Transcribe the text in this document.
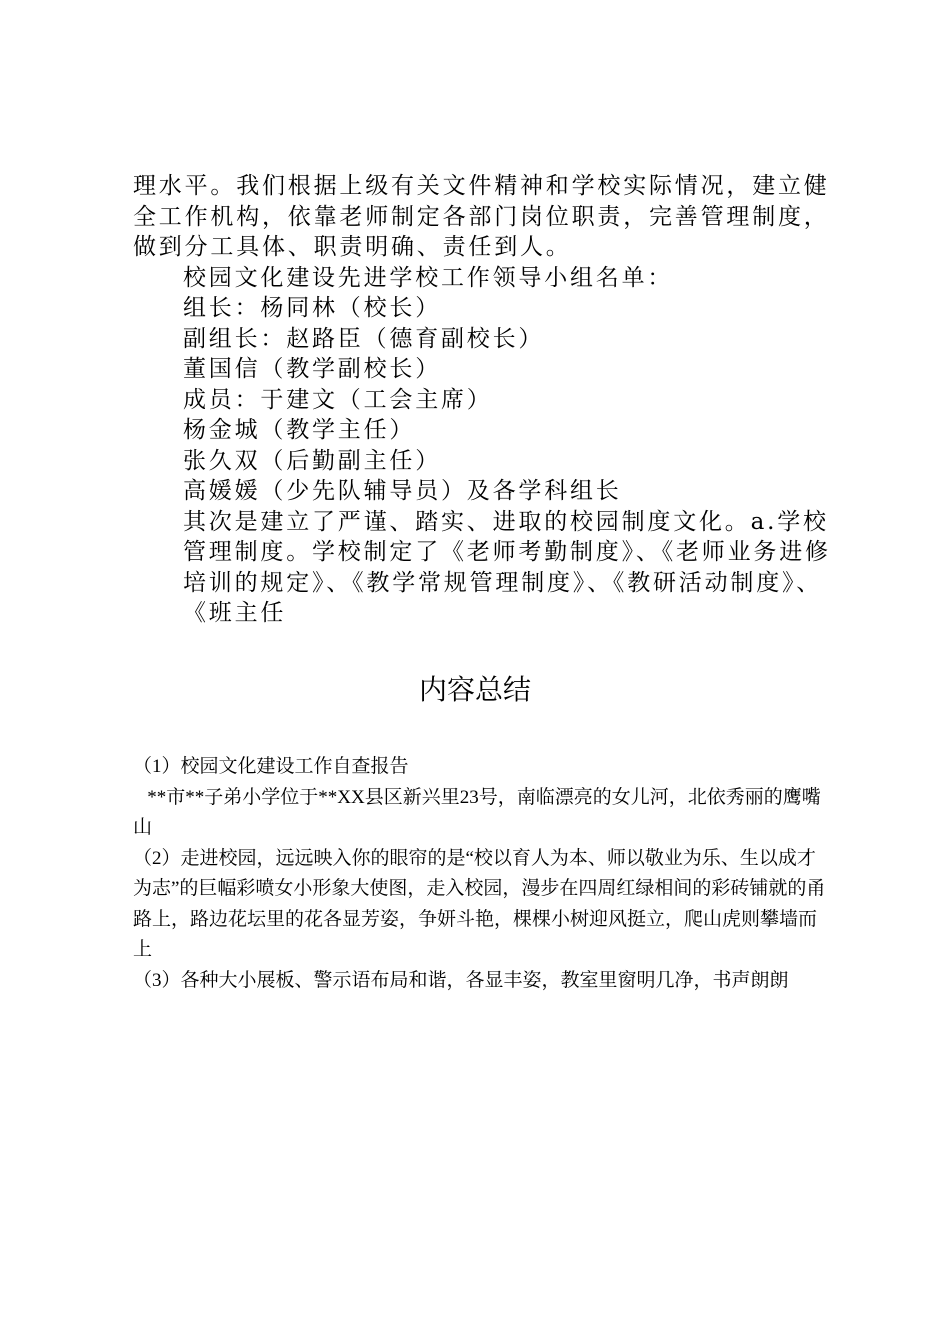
理水平。我们根据上级有关文件精神和学校实际情况，建立健全工作机构，依靠老师制定各部门岗位职责，完善管理制度，做到分工具体、职责明确、责任到人。

校园文化建设先进学校工作领导小组名单：

组长：杨同林（校长）

副组长：赵路臣（德育副校长）

董国信（教学副校长）

成员：于建文（工会主席）

杨金城（教学主任）

张久双（后勤副主任）

高媛媛（少先队辅导员）及各学科组长

其次是建立了严谨、踏实、进取的校园制度文化。a.学校管理制度。学校制定了《老师考勤制度》、《老师业务进修培训的规定》、《教学常规管理制度》、《教研活动制度》、《班主任

内容总结

（1）校园文化建设工作自查报告

**市**子弟小学位于**XX县区新兴里23号，南临漂亮的女儿河，北依秀丽的鹰嘴山

（2）走进校园，远远映入你的眼帘的是“校以育人为本、师以敬业为乐、生以成才为志”的巨幅彩喷女小形象大使图，走入校园，漫步在四周红绿相间的彩砖铺就的甬路上，路边花坛里的花各显芳姿，争妍斗艳，棵棵小树迎风挺立，爬山虎则攀墙而上

（3）各种大小展板、警示语布局和谐，各显丰姿，教室里窗明几净，书声朗朗
